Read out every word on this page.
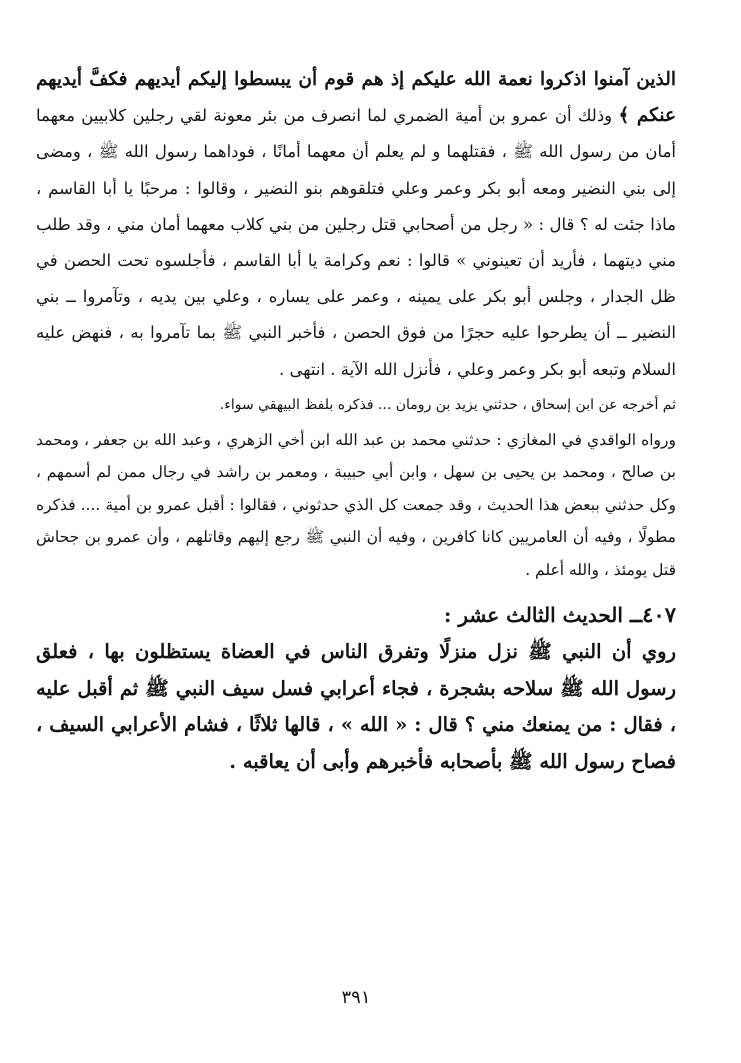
الذين آمنوا اذكروا نعمة الله عليكم إذ هم قوم أن يبسطوا إليكم أيديهم فكفَّ أيديهم عنكم ﴾ وذلك أن عمرو بن أمية الضمري لما انصرف من بئر معونة لقي رجلين كلابيين معهما أمان من رسول الله ﷺ ، فقتلهما و لم يعلم أن معهما أمانًا ، فوداهما رسول الله ﷺ ، ومضى إلى بني النضير ومعه أبو بكر وعمر وعلي فتلقوهم بنو النضير ، وقالوا : مرحبًا يا أبا القاسم ، ماذا جئت له ؟ قال : « رجل من أصحابي قتل رجلين من بني كلاب معهما أمان مني ، وقد طلب مني ديتهما ، فأريد أن تعينوني » قالوا : نعم وكرامة يا أبا القاسم ، فأجلسوه تحت الحصن في ظل الجدار ، وجلس أبو بكر على يمينه ، وعمر على يساره ، وعلي بين يديه ، وتآمروا ــ بني النضير ــ أن يطرحوا عليه حجرًا من فوق الحصن ، فأخبر النبي ﷺ بما تآمروا به ، فنهض عليه السلام وتبعه أبو بكر وعمر وعلي ، فأنزل الله الآية . انتهى .

ثم أخرجه عن ابن إسحاق ، حدثني يزيد بن رومان ... فذكره بلفظ البيهقي سواء.

ورواه الواقدي في المغازي : حدثني محمد بن عبد الله ابن أخي الزهري ، وعبد الله بن جعفر ، ومحمد بن صالح ، ومحمد بن يحيى بن سهل ، وابن أبي حبيبة ، ومعمر بن راشد في رجال ممن لم أسمهم ، وكل حدثني ببعض هذا الحديث ، وقد جمعت كل الذي حدثوني ، فقالوا : أقبل عمرو بن أمية .... فذكره مطولًا ، وفيه أن العامريين كانا كافرين ، وفيه أن النبي ﷺ رجع إليهم وقاتلهم ، وأن عمرو بن جحاش قتل يومئذ ، والله أعلم .

٤٠٧ــ الحديث الثالث عشر :

روي أن النبي ﷺ نزل منزلًا وتفرق الناس في العضاة يستظلون بها ، فعلق رسول الله ﷺ سلاحه بشجرة ، فجاء أعرابي فسل سيف النبي ﷺ ثم أقبل عليه ، فقال : من يمنعك مني ؟ قال : « الله » ، قالها ثلاثًا ، فشام الأعرابي السيف ، فصاح رسول الله ﷺ بأصحابه فأخبرهم وأبى أن يعاقبه .

٣٩١
